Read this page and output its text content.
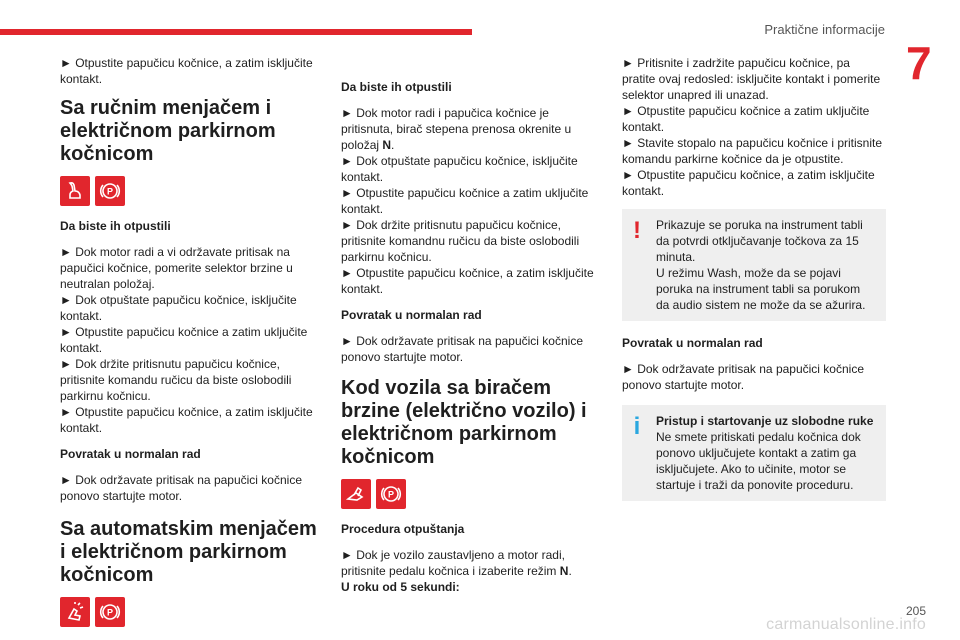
Praktične informacije
7

► Otpustite papučicu kočnice, a zatim isključite kontakt.

Sa ručnim menjačem i električnom parkirnom kočnicom
P

Da biste ih otpustili

► Dok motor radi a vi održavate pritisak na papučici kočnice, pomerite selektor brzine u neutralan položaj.

► Dok otpuštate papučicu kočnice, isključite kontakt.

► Otpustite papučicu kočnice a zatim uključite kontakt.

► Dok držite pritisnutu papučicu kočnice, pritisnite komandu ručicu da biste oslobodili parkirnu kočnicu.

► Otpustite papučicu kočnice, a zatim isključite kontakt.

Povratak u normalan rad

► Dok održavate pritisak na papučici kočnice ponovo startujte motor.

Sa automatskim menjačem i električnom parkirnom kočnicom
P

Da biste ih otpustili

► Dok motor radi i papučica kočnice je pritisnuta, birač stepena prenosa okrenite u položaj N.

► Dok otpuštate papučicu kočnice, isključite kontakt.

► Otpustite papučicu kočnice a zatim uključite kontakt.

► Dok držite pritisnutu papučicu kočnice, pritisnite komandnu ručicu da biste oslobodili parkirnu kočnicu.

► Otpustite papučicu kočnice, a zatim isključite kontakt.

Povratak u normalan rad

► Dok održavate pritisak na papučici kočnice ponovo startujte motor.

Kod vozila sa biračem brzine (električno vozilo) i električnom parkirnom kočnicom
P

Procedura otpuštanja

► Dok je vozilo zaustavljeno a motor radi, pritisnite pedalu kočnica i izaberite režim N.

U roku od 5 sekundi:

► Pritisnite i zadržite papučicu kočnice, pa pratite ovaj redosled: isključite kontakt i pomerite selektor unapred ili unazad.

► Otpustite papučicu kočnice a zatim uključite kontakt.

► Stavite stopalo na papučicu kočnice i pritisnite komandu parkirne kočnice da je otpustite.

► Otpustite papučicu kočnice, a zatim isključite kontakt.

! Prikazuje se poruka na instrument tabli da potvrdi otključavanje točkova za 15 minuta.
U režimu Wash, može da se pojavi poruka na instrument tabli sa porukom da audio sistem ne može da se ažurira.

Povratak u normalan rad

► Dok održavate pritisak na papučici kočnice ponovo startujte motor.

i Pristup i startovanje uz slobodne ruke
Ne smete pritiskati pedalu kočnica dok ponovo uključujete kontakt a zatim ga isključujete. Ako to učinite, motor se startuje i traži da ponovite proceduru.
carmanualsonline.info
205
